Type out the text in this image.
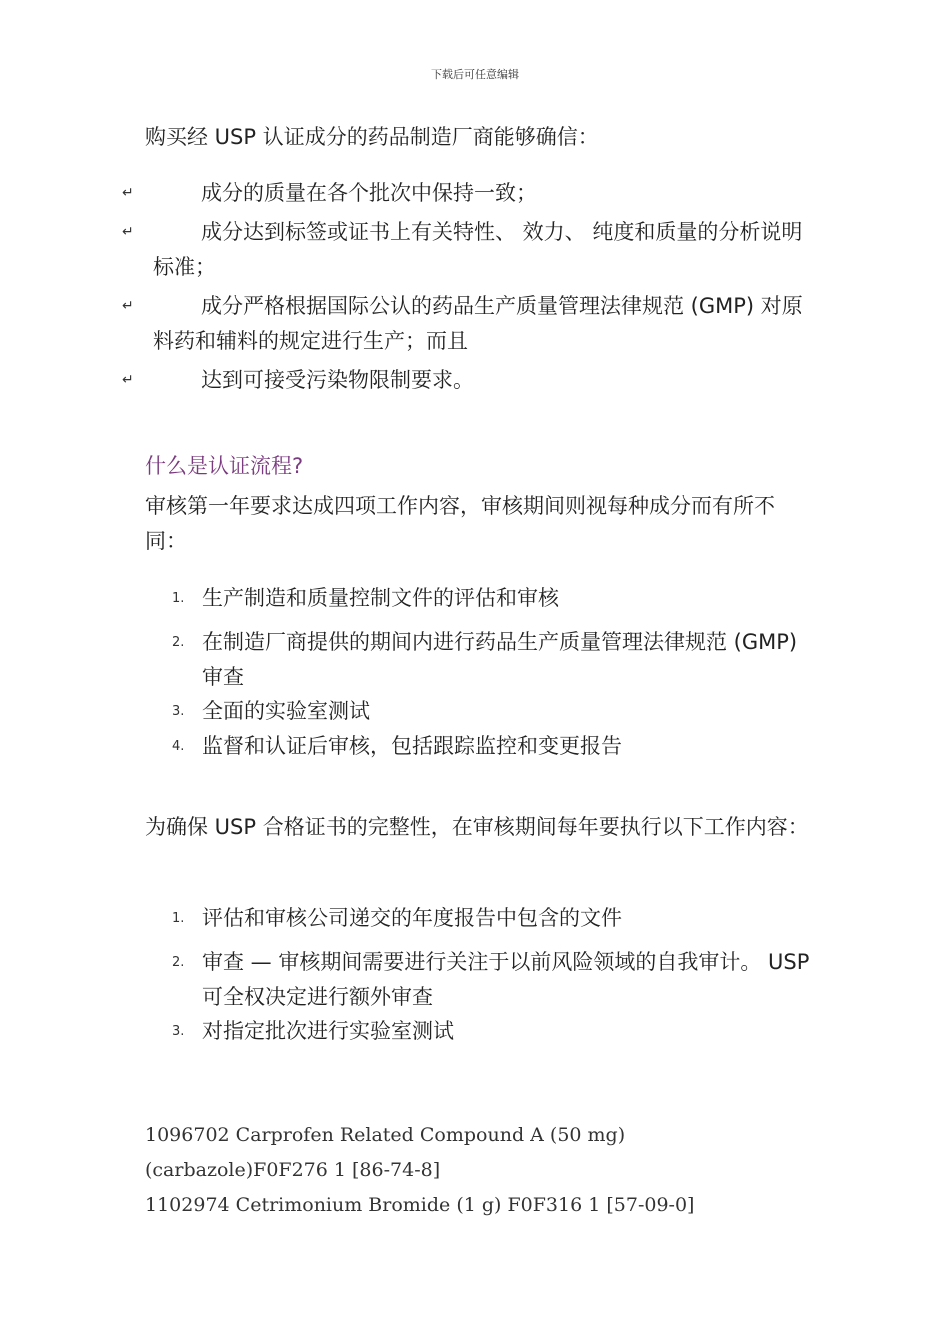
下载后可任意编辑
购买经 USP 认证成分的药品制造厂商能够确信：
↵	成分的质量在各个批次中保持一致；
↵	成分达到标签或证书上有关特性、 效力、 纯度和质量的分析说明标准；
↵	成分严格根据国际公认的药品生产质量管理法律规范 (GMP) 对原料药和辅料的规定进行生产；而且
↵	达到可接受污染物限制要求。
什么是认证流程?
审核第一年要求达成四项工作内容，审核期间则视每种成分而有所不同：
1. 生产制造和质量控制文件的评估和审核
2. 在制造厂商提供的期间内进行药品生产质量管理法律规范 (GMP) 审查
3. 全面的实验室测试
4. 监督和认证后审核，包括跟踪监控和变更报告
为确保 USP 合格证书的完整性，在审核期间每年要执行以下工作内容：
1. 评估和审核公司递交的年度报告中包含的文件
2. 审查 — 审核期间需要进行关注于以前风险领域的自我审计。 USP 可全权决定进行额外审查
3. 对指定批次进行实验室测试
1096702 Carprofen Related Compound A (50 mg)
(carbazole)F0F276 1 [86-74-8]
1102974 Cetrimonium Bromide (1 g) F0F316 1 [57-09-0]
